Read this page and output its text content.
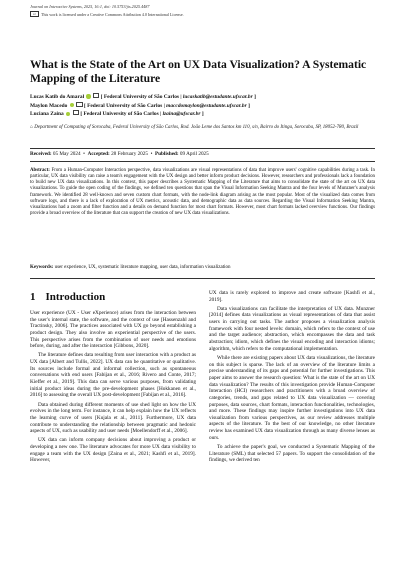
Journal on Interactive Systems, 2025, 16:1, doi: 10.5753/jis.2025.4487
cc	This work is licensed under a Creative Commons Attribution 4.0 International License.
What is the State of the Art on UX Data Visualization? A Systematic Mapping of the Literature
Lucas Katib do Amaral	[ Federal University of São Carlos | lucaskatib@estudante.ufscar.br ]
Maylon Macedo	[ Federal University of São Carlos | maccdomaylon@estudante.ufscar.br ]
Luciana Zaina	[ Federal University of São Carlos | lzaina@ufscar.br ]
⌂ Department of Computing of Sorocaba, Federal University of São Carlos, Rod. João Leme dos Santos km 110, s/n, Bairro do Itinga, Sorocaba, SP, 18052-780, Brazil
Received: 05 May 2024  •  Accepted: 28 February 2025  •  Published: 09 April 2025
Abstract: From a Human-Computer Interaction perspective, data visualizations are visual representations of data that improve users' cognitive capabilities during a task. In particular, UX data visibility can raise a team's engagement with the UX design and better inform product decisions. However, researchers and professionals lack a foundation to build new UX data visualizations. In this context, this paper describes a Systematic Mapping of the Literature that aims to consolidate the state of the art on UX data visualizations. To guide the open coding of the findings, we defined ten questions that span the Visual Information Seeking Mantra and the four levels of Munzner's analysis framework. We identified 28 well-known and seven custom chart formats, with the node-link diagram arising as the most popular. Most of the visualized data comes from software logs, and there is a lack of exploration of UX metrics, acoustic data, and demographic data as data sources. Regarding the Visual Information Seeking Mantra, visualizations had a zoom and filter function and a details on demand function for most chart formats. However, most chart formats lacked overview functions. Our findings provide a broad overview of the literature that can support the creation of new UX data visualizations.
Keywords: user experience, UX, systematic literature mapping, user data, information visualization
1 Introduction

User experience (UX - User eXperience) arises from the interaction between the user's internal state, the software, and the context of use [Hassenzahl and Tractinsky, 2006]. The practices associated with UX go beyond establishing a product design. They also involve an experiential perspective of the users. This perspective arises from the combination of user needs and emotions before, during, and after the interaction [Gibbons, 2020].

The literature defines data resulting from user interaction with a product as UX data [Albert and Tullis, 2022]. UX data can be quantitative or qualitative. Its sources include formal and informal collection, such as spontaneous conversations with end users [Fabijan et al., 2016; Rivero and Conte, 2017; Kieffer et al., 2019]. This data can serve various purposes, from validating initial product ideas during the pre-development phases [Hokkanen et al., 2016] to assessing the overall UX post-development [Fabijan et al., 2016].

Data obtained during different moments of use shed light on how the UX evolves in the long term. For instance, it can help explain how the UX reflects the learning curve of users [Kujala et al., 2011]. Furthermore, UX data contribute to understanding the relationship between pragmatic and hedonic aspects of UX, such as usability and user needs [Moellendorff et al., 2006].

UX data can inform company decisions about improving a product or developing a new one. The literature advocates for more UX data visibility to engage a team with the UX design [Zaina et al., 2021; Kashfi et al., 2019]. However,

UX data is rarely explored to improve and create software [Kashfi et al., 2019].

Data visualizations can facilitate the interpretation of UX data. Munzner [2014] defines data visualizations as visual representations of data that assist users in carrying out tasks. The author proposes a visualization analysis framework with four nested levels: domain, which refers to the context of use and the target audience; abstraction, which encompasses the data and task abstraction; idiom, which defines the visual encoding and interaction idioms; algorithm, which refers to the computational implementation.

While there are existing papers about UX data visualizations, the literature on this subject is sparse. The lack of an overview of the literature limits a precise understanding of its gaps and potential for further investigations. This paper aims to answer the research question: What is the state of the art on UX data visualization? The results of this investigation provide Human-Computer Interaction (HCI) researchers and practitioners with a broad overview of categories, trends, and gaps related to UX data visualization — covering purposes, data sources, chart formats, interaction functionalities, technologies, and more. These findings may inspire further investigations into UX data visualization from various perspectives, as our review addresses multiple aspects of the literature. To the best of our knowledge, no other literature review has examined UX data visualization through as many diverse lenses as ours.

To achieve the paper's goal, we conducted a Systematic Mapping of the Literature (SML) that selected 57 papers. To support the consolidation of the findings, we derived ten
